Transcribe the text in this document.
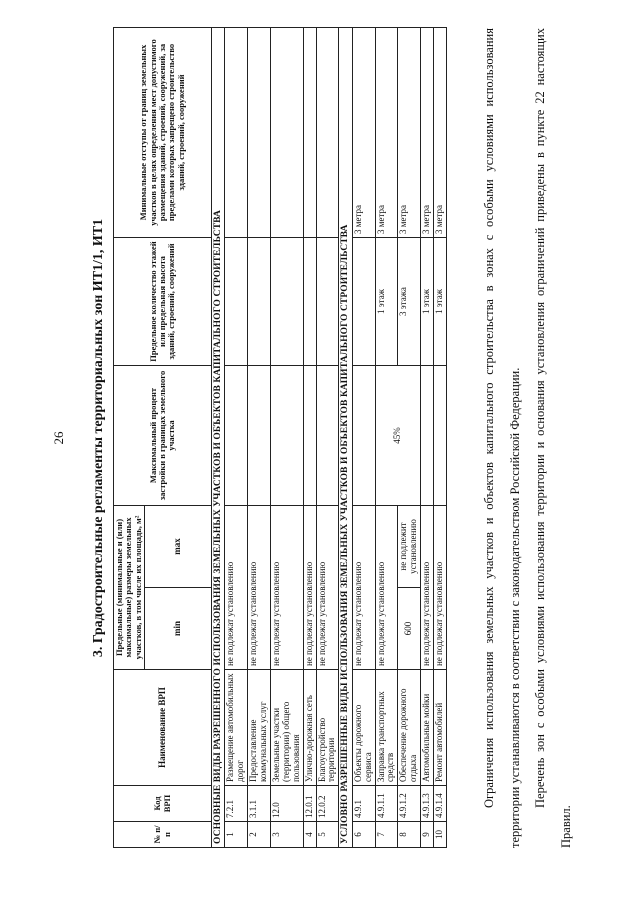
26 3. Градостроительные регламенты территориальных зон ИТ1/1, ИТ1
№ п/п	Код ВРП	Наименование ВРП	Предельные (минимальные и (или) максимальные) размеры земельных участков, в том числе их площадь, м²		Максимальный процент застройки в границах земельного участка	Предельное количество этажей или предельная высота зданий, строений, сооружений	Минимальные отступы от границ земельных участков в целях определения мест допустимого размещения зданий, строений, сооружений, за пределами которых запрещено строительство зданий, строений, сооружений
			min	max			
ОСНОВНЫЕ ВИДЫ РАЗРЕШЕННОГО ИСПОЛЬЗОВАНИЯ ЗЕМЕЛЬНЫХ УЧАСТКОВ И ОБЪЕКТОВ КАПИТАЛЬНОГО СТРОИТЕЛЬСТВА							
1	7.2.1	Размещение автомобильных дорог	не подлежат установлению				
2	3.1.1	Предоставление коммунальных услуг	не подлежат установлению				
3	12.0	Земельные участки (территории) общего пользования	не подлежат установлению				
4	12.0.1	Улично-дорожная сеть	не подлежат установлению				
5	12.0.2	Благоустройство территории	не подлежат установлению				
УСЛОВНО РАЗРЕШЕННЫЕ ВИДЫ ИСПОЛЬЗОВАНИЯ ЗЕМЕЛЬНЫХ УЧАСТКОВ И ОБЪЕКТОВ КАПИТАЛЬНОГО СТРОИТЕЛЬСТВА							
6	4.9.1	Объекты дорожного сервиса	не подлежат установлению				3 метра
7	4.9.1.1	Заправка транспортных средств	не подлежат установлению		45%	1 этаж	3 метра
8	4.9.1.2	Обеспечение дорожного отдыха	600	не подлежит установлению		3 этажа	3 метра
9	4.9.1.3	Автомобильные мойки	не подлежат установлению			1 этаж	3 метра
10	4.9.1.4	Ремонт автомобилей	не подлежат установлению			1 этаж	3 метра	Ограничения использования земельных участков и объектов капитального строительства в зонах с особыми условиями использования территории устанавливаются в соответствии с законодательством Российской Федерации. Перечень зон с особыми условиями использования территории и основания установления ограничений приведены в пункте 22 настоящих Правил.
